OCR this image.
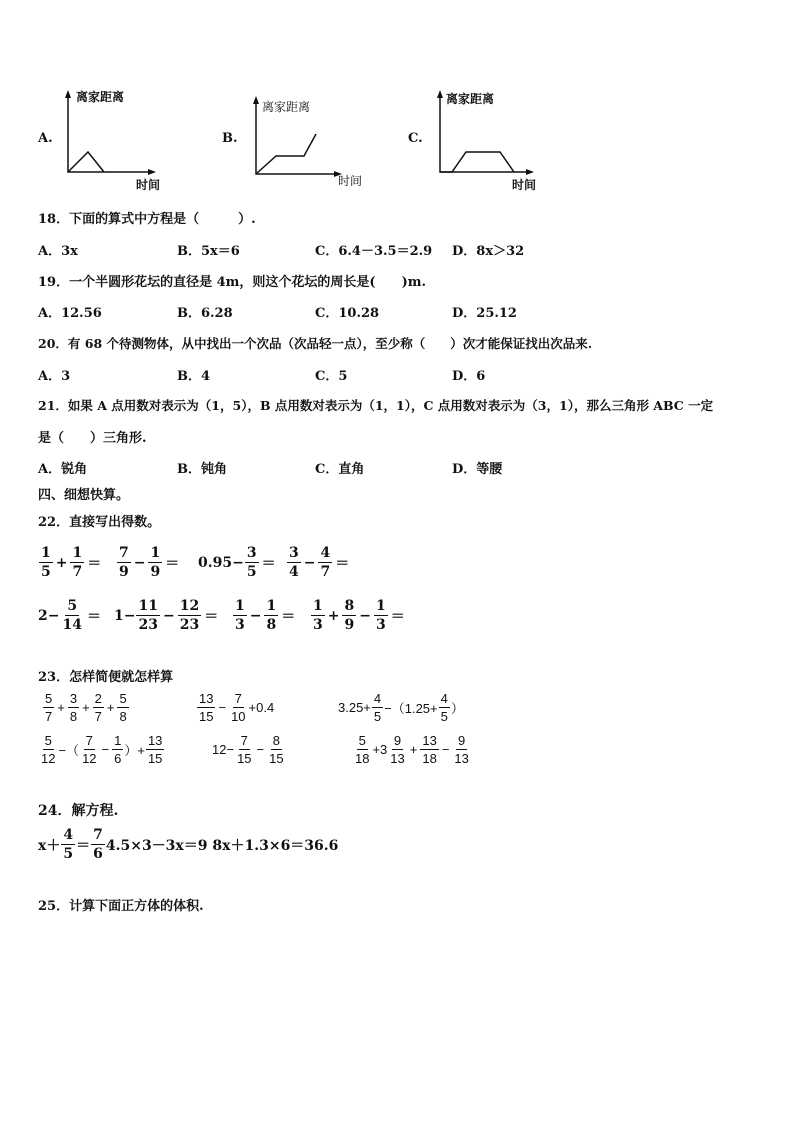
A.
离家距离
时间
B.
离家距离
时间
C.
离家距离
时间
18．下面的算式中方程是（　　　）.
A．3x	B．5x＝6	C．6.4－3.5＝2.9 D．8x＞32
19．一个半圆形花坛的直径是 4m，则这个花坛的周长是(　　)m.
A．12.56	B．6.28	C．10.28	D．25.12
20．有 68 个待测物体，从中找出一个次品（次品轻一点），至少称（　　）次才能保证找出次品来.
A．3	B．4	C．5	D．6
21．如果 A 点用数对表示为（1，5），B 点用数对表示为（1，1），C 点用数对表示为（3，1），那么三角形 ABC 一定
是（　　）三角形.
A．锐角	B．钝角	C．直角	D．等腰
四、细想快算。
22．直接写出得数。
$\frac{1}{5} + \frac{1}{7} = \frac{7}{9} - \frac{1}{9} = 0.95- \frac{3}{5} = \frac{3}{4} - \frac{4}{7}$ ＝
$2- \frac{5}{14} = 1- \frac{11}{23} - \frac{12}{23} = \frac{1}{3} - \frac{1}{8} = \frac{1}{3} + \frac{8}{9} - \frac{1}{3}$ ＝
23．怎样简便就怎样算
$\frac{5}{7} + \frac{3}{8} + \frac{2}{7} + \frac{5}{8}$	$\frac{13}{15} - \frac{7}{10} +0.4$	$3.25+ \frac{4}{5} -(1.25+ \frac{4}{5}$ ）
$\frac{5}{12}$ −（ $\frac{7}{12} - \frac{1}{6}$ ）+ $\frac{13}{15}$	$12- \frac{7}{15} - \frac{8}{15}$	$\frac{5}{18} +3 \frac{9}{13} + \frac{13}{18} - \frac{9}{13}$
24．解方程.
$x+ \frac{4}{5} = \frac{7}{6} 4.5\times 3-3x=9$ 8x＋1.3×6＝36.6
25．计算下面正方体的体积.
